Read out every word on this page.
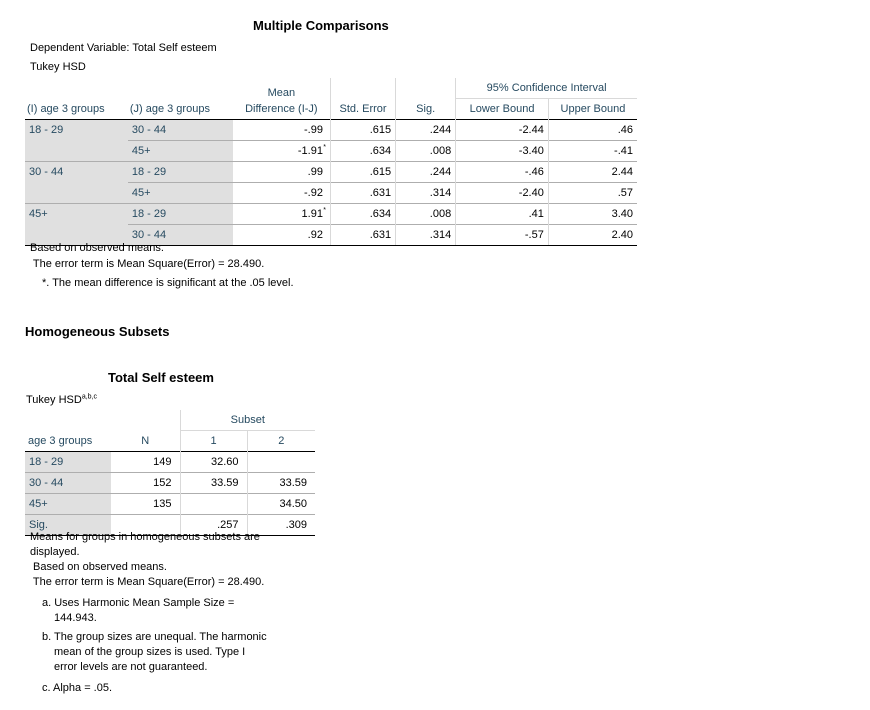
Multiple Comparisons
Dependent Variable: Total Self esteem
Tukey HSD
		Mean			95% Confidence Interval	
(I) age 3 groups	(J) age 3 groups	Difference (I-J)	Std. Error	Sig.	Lower Bound	Upper Bound
18 - 29	30 - 44	-.99	.615	.244	-2.44	.46
	45+	-1.91*	.634	.008	-3.40	-.41
30 - 44	18 - 29	.99	.615	.244	-.46	2.44
	45+	-.92	.631	.314	-2.40	.57
45+	18 - 29	1.91*	.634	.008	.41	3.40
	30 - 44	.92	.631	.314	-.57	2.40
Based on observed means.
The error term is Mean Square(Error) = 28.490.
*. The mean difference is significant at the .05 level.
Homogeneous Subsets
Total Self esteem
Tukey HSD$^{a,b,c}$
		Subset	
age 3 groups	N	1	2
18 - 29	149	32.60	
30 - 44	152	33.59	33.59
45+	135		34.50
Sig.		.257	.309
Means for groups in homogeneous subsets are
displayed.
Based on observed means.
The error term is Mean Square(Error) = 28.490.
a. Uses Harmonic Mean Sample Size =
144.943.
b. The group sizes are unequal. The harmonic
mean of the group sizes is used. Type I
error levels are not guaranteed.
c. Alpha = .05.
